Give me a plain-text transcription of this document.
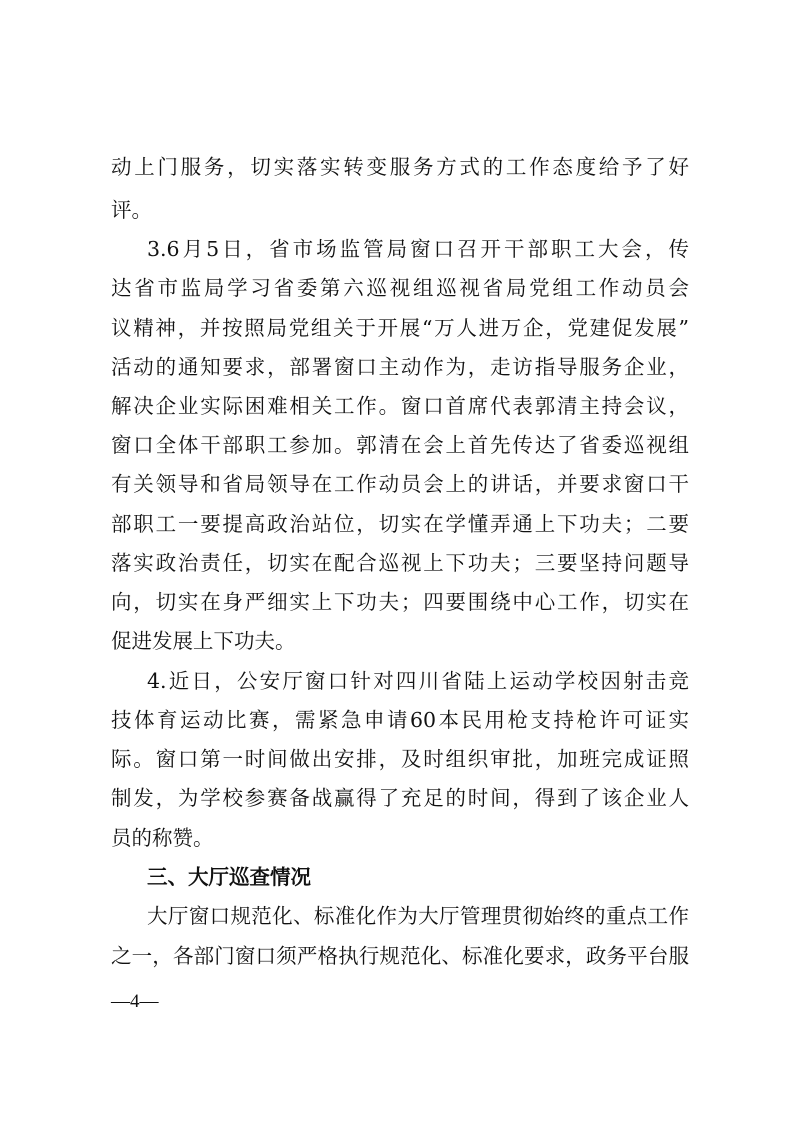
动上门服务，切实落实转变服务方式的工作态度给予了好
评。
3.6月5日，省市场监管局窗口召开干部职工大会，传
达省市监局学习省委第六巡视组巡视省局党组工作动员会
议精神，并按照局党组关于开展“万人进万企，党建促发展”
活动的通知要求，部署窗口主动作为，走访指导服务企业，
解决企业实际困难相关工作。窗口首席代表郭清主持会议，
窗口全体干部职工参加。郭清在会上首先传达了省委巡视组
有关领导和省局领导在工作动员会上的讲话，并要求窗口干
部职工一要提高政治站位，切实在学懂弄通上下功夫；二要
落实政治责任，切实在配合巡视上下功夫；三要坚持问题导
向，切实在身严细实上下功夫；四要围绕中心工作，切实在
促进发展上下功夫。
4.近日，公安厅窗口针对四川省陆上运动学校因射击竞
技体育运动比赛，需紧急申请60本民用枪支持枪许可证实
际。窗口第一时间做出安排，及时组织审批，加班完成证照
制发，为学校参赛备战赢得了充足的时间，得到了该企业人
员的称赞。
三、大厅巡查情况
大厅窗口规范化、标准化作为大厅管理贯彻始终的重点工作
之一，各部门窗口须严格执行规范化、标准化要求，政务平台服
—4—
